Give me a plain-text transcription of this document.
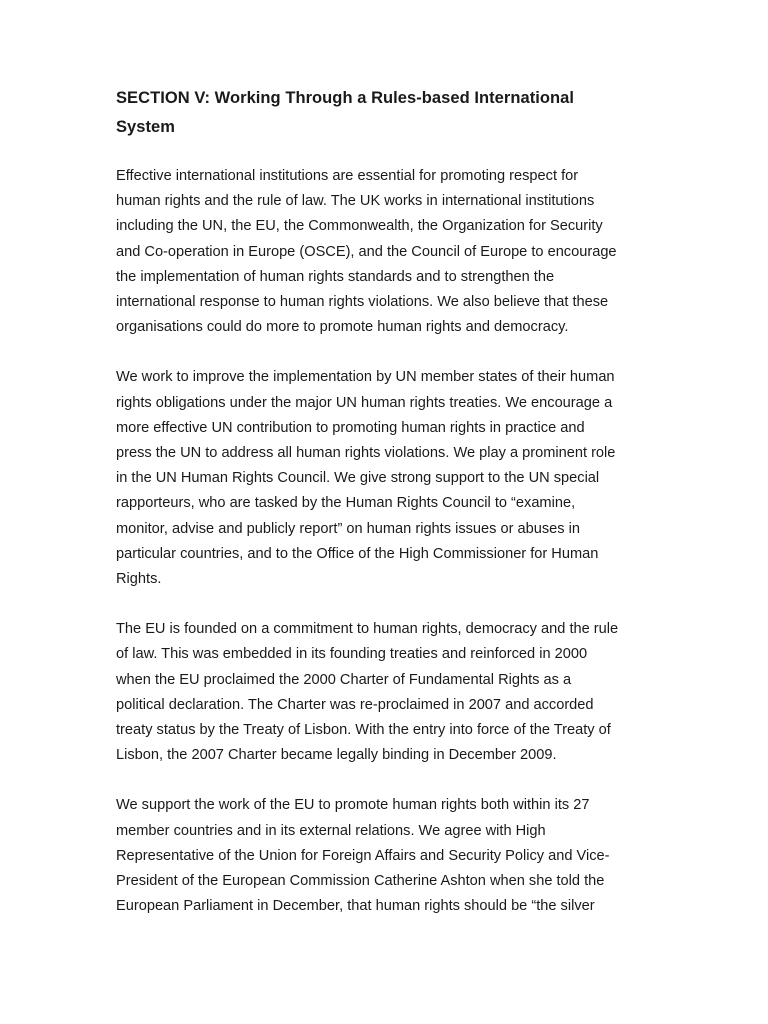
SECTION V: Working Through a Rules-based International
System

Effective international institutions are essential for promoting respect for
human rights and the rule of law. The UK works in international institutions
including the UN, the EU, the Commonwealth, the Organization for Security
and Co-operation in Europe (OSCE), and the Council of Europe to encourage
the implementation of human rights standards and to strengthen the
international response to human rights violations. We also believe that these
organisations could do more to promote human rights and democracy.

We work to improve the implementation by UN member states of their human
rights obligations under the major UN human rights treaties. We encourage a
more effective UN contribution to promoting human rights in practice and
press the UN to address all human rights violations. We play a prominent role
in the UN Human Rights Council. We give strong support to the UN special
rapporteurs, who are tasked by the Human Rights Council to “examine,
monitor, advise and publicly report” on human rights issues or abuses in
particular countries, and to the Office of the High Commissioner for Human
Rights.

The EU is founded on a commitment to human rights, democracy and the rule
of law. This was embedded in its founding treaties and reinforced in 2000
when the EU proclaimed the 2000 Charter of Fundamental Rights as a
political declaration. The Charter was re-proclaimed in 2007 and accorded
treaty status by the Treaty of Lisbon. With the entry into force of the Treaty of
Lisbon, the 2007 Charter became legally binding in December 2009.

We support the work of the EU to promote human rights both within its 27
member countries and in its external relations. We agree with High
Representative of the Union for Foreign Affairs and Security Policy and Vice-
President of the European Commission Catherine Ashton when she told the
European Parliament in December, that human rights should be “the silver
